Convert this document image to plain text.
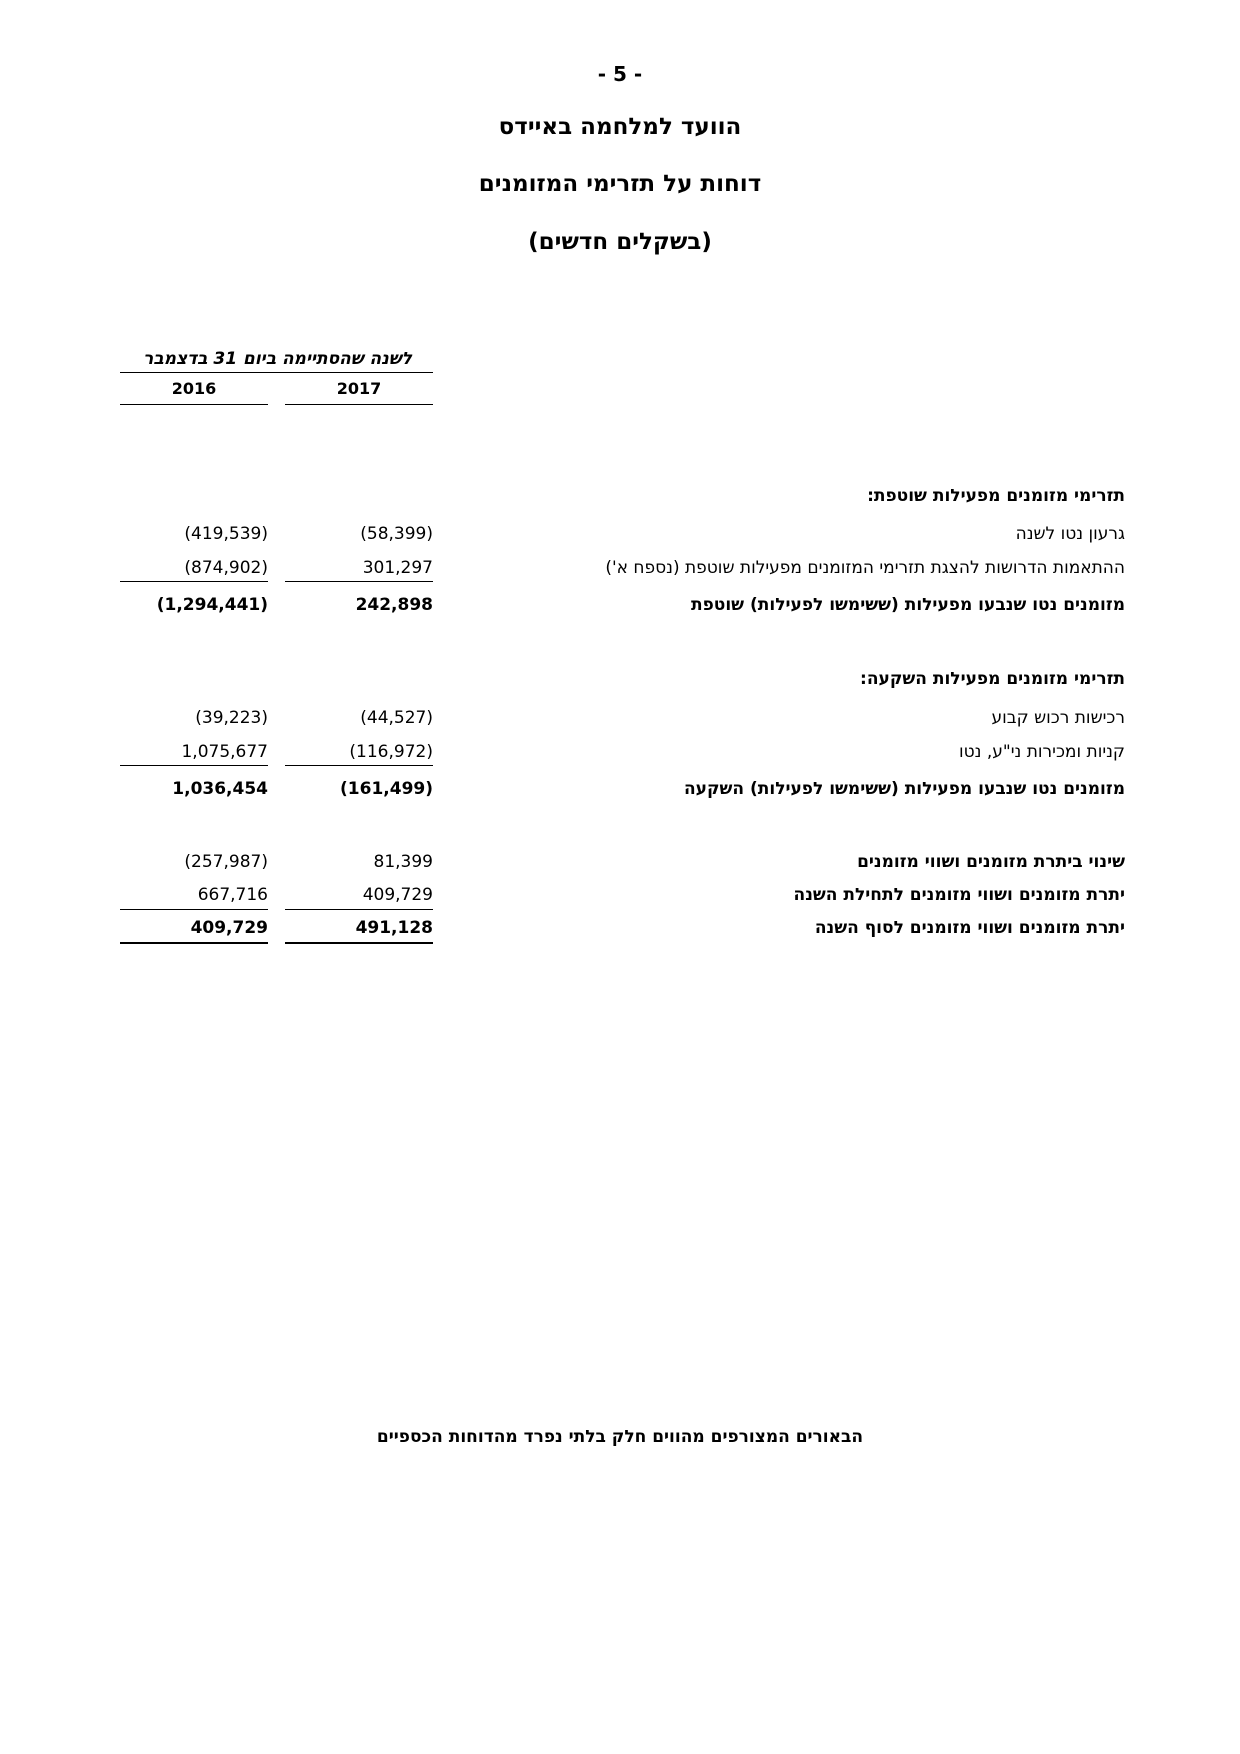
- 5 -
הוועד למלחמה באיידס
דוחות על תזרימי המזומנים
(בשקלים חדשים)
לשנה שהסתיימה ביום 31 בדצמבר
2016	2017
תזרימי מזומנים מפעילות שוטפת:
גרעון נטו לשנה
(58,399)
(419,539)
ההתאמות הדרושות להצגת תזרימי המזומנים מפעילות שוטפת (נספח א')
301,297
(874,902)
מזומנים נטו שנבעו מפעילות (ששימשו לפעילות) שוטפת
242,898
(1,294,441)
תזרימי מזומנים מפעילות השקעה:
רכישות רכוש קבוע
(44,527)
(39,223)
קניות ומכירות ני"ע, נטו
(116,972)
1,075,677
מזומנים נטו שנבעו מפעילות (ששימשו לפעילות) השקעה
(161,499)
1,036,454
שינוי ביתרת מזומנים ושווי מזומנים
81,399
(257,987)
יתרת מזומנים ושווי מזומנים לתחילת השנה
409,729
667,716
יתרת מזומנים ושווי מזומנים לסוף השנה
491,128
409,729
הבאורים המצורפים מהווים חלק בלתי נפרד מהדוחות הכספיים
